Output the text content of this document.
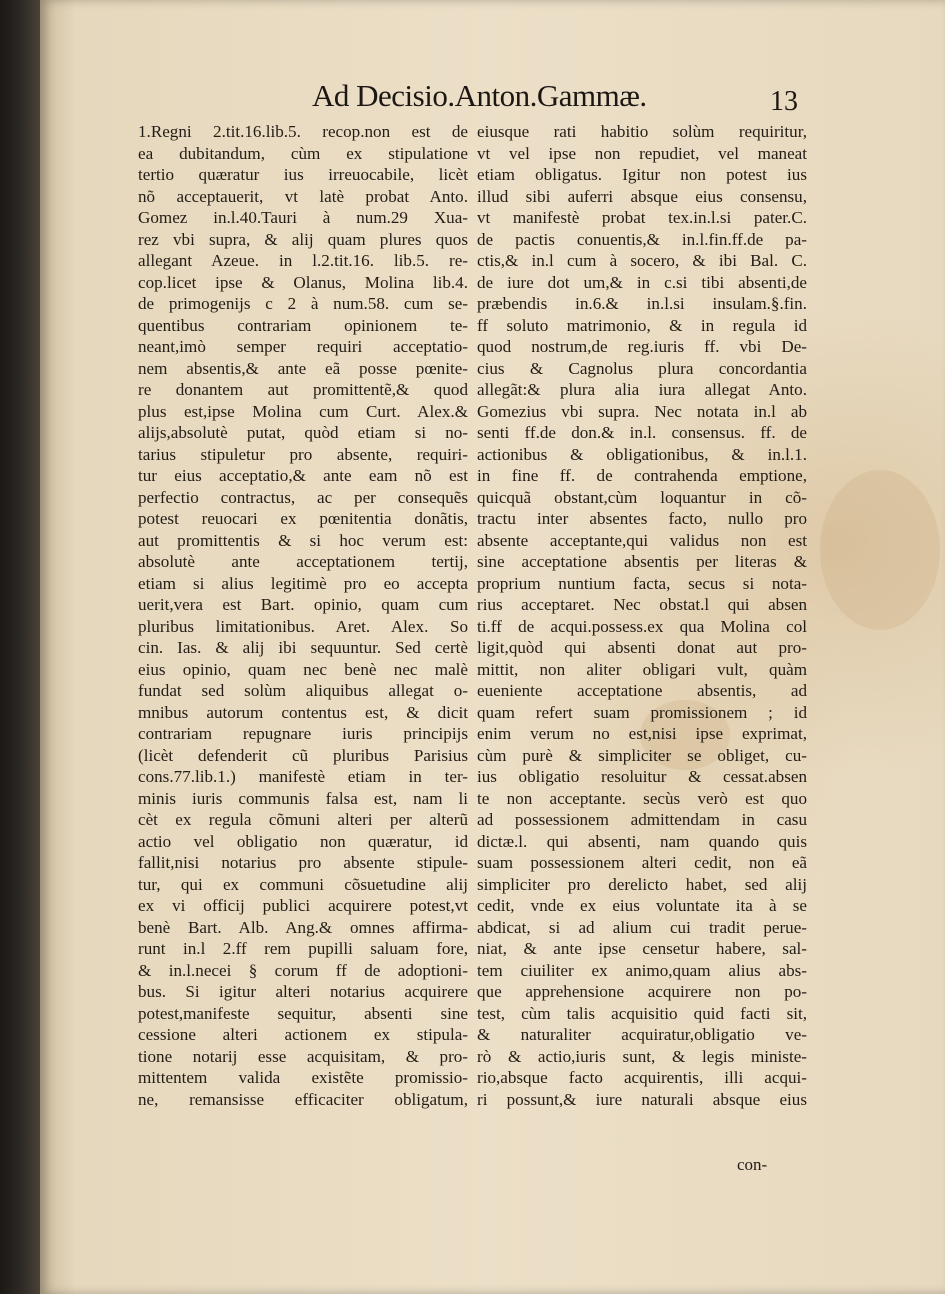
Ad Decisio.Anton.Gammæ.	13
1.Regni 2.tit.16.lib.5. recop.non est de
ea dubitandum, cùm ex stipulatione
tertio quæratur ius irreuocabile, licèt
nõ acceptauerit, vt latè probat Anto.
Gomez in.l.40.Tauri à num.29 Xua-
rez vbi supra, & alij quam plures quos
allegant Azeue. in l.2.tit.16. lib.5. re-
cop.licet ipse & Olanus, Molina lib.4.
de primogenijs c 2 à num.58. cum se-
quentibus contrariam opinionem te-
neant,imò semper requiri acceptatio-
nem absentis,& ante eã posse pœnite-
re donantem aut promittentẽ,& quod
plus est,ipse Molina cum Curt. Alex.&
alijs,absolutè putat, quòd etiam si no-
tarius stipuletur pro absente, requiri-
tur eius acceptatio,& ante eam nõ est
perfectio contractus, ac per consequẽs
potest reuocari ex pœnitentia donãtis,
aut promittentis & si hoc verum est:
absolutè ante acceptationem tertij,
etiam si alius legitimè pro eo accepta
uerit,vera est Bart. opinio, quam cum
pluribus limitationibus. Aret. Alex. So
cin. Ias. & alij ibi sequuntur. Sed certè
eius opinio, quam nec benè nec malè
fundat sed solùm aliquibus allegat o-
mnibus autorum contentus est, & dicit
contrariam repugnare iuris principijs
(licèt defenderit cũ pluribus Parisius
cons.77.lib.1.) manifestè etiam in ter-
minis iuris communis falsa est, nam li
cèt ex regula cõmuni alteri per alterũ
actio vel obligatio non quæratur, id
fallit,nisi notarius pro absente stipule-
tur, qui ex communi cõsuetudine alij
ex vi officij publici acquirere potest,vt
benè Bart. Alb. Ang.& omnes affirma-
runt in.l 2.ff rem pupilli saluam fore,
& in.l.necei § corum ff de adoptioni-
bus. Si igitur alteri notarius acquirere
potest,manifeste sequitur, absenti sine
cessione alteri actionem ex stipula-
tione notarij esse acquisitam, & pro-
mittentem valida existẽte promissio-
ne, remansisse efficaciter obligatum,
eiusque rati habitio solùm requiritur,
vt vel ipse non repudiet, vel maneat
etiam obligatus. Igitur non potest ius
illud sibi auferri absque eius consensu,
vt manifestè probat tex.in.l.si pater.C.
de pactis conuentis,& in.l.fin.ff.de pa-
ctis,& in.l cum à socero, & ibi Bal. C.
de iure dot um,& in c.si tibi absenti,de
præbendis in.6.& in.l.si insulam.§.fin.
ff soluto matrimonio, & in regula id
quod nostrum,de reg.iuris ff. vbi De-
cius & Cagnolus plura concordantia
allegãt:& plura alia iura allegat Anto.
Gomezius vbi supra. Nec notata in.l ab
senti ff.de don.& in.l. consensus. ff. de
actionibus & obligationibus, & in.l.1.
in fine ff. de contrahenda emptione,
quicquã obstant,cùm loquantur in cõ-
tractu inter absentes facto, nullo pro
absente acceptante,qui validus non est
sine acceptatione absentis per literas &
proprium nuntium facta, secus si nota-
rius acceptaret. Nec obstat.l qui absen
ti.ff de acqui.possess.ex qua Molina col
ligit,quòd qui absenti donat aut pro-
mittit, non aliter obligari vult, quàm
eueniente acceptatione absentis, ad
quam refert suam promissionem ; id
enim verum no est,nisi ipse exprimat,
cùm purè & simpliciter se obliget, cu-
ius obligatio resoluitur & cessat.absen
te non acceptante. secùs verò est quo
ad possessionem admittendam in casu
dictæ.l. qui absenti, nam quando quis
suam possessionem alteri cedit, non eã
simpliciter pro derelicto habet, sed alij
cedit, vnde ex eius voluntate ita à se
abdicat, si ad alium cui tradit perue-
niat, & ante ipse censetur habere, sal-
tem ciuiliter ex animo,quam alius abs-
que apprehensione acquirere non po-
test, cùm talis acquisitio quid facti sit,
& naturaliter acquiratur,obligatio ve-
rò & actio,iuris sunt, & legis ministe-
rio,absque facto acquirentis, illi acqui-
ri possunt,& iure naturali absque eius
con-
